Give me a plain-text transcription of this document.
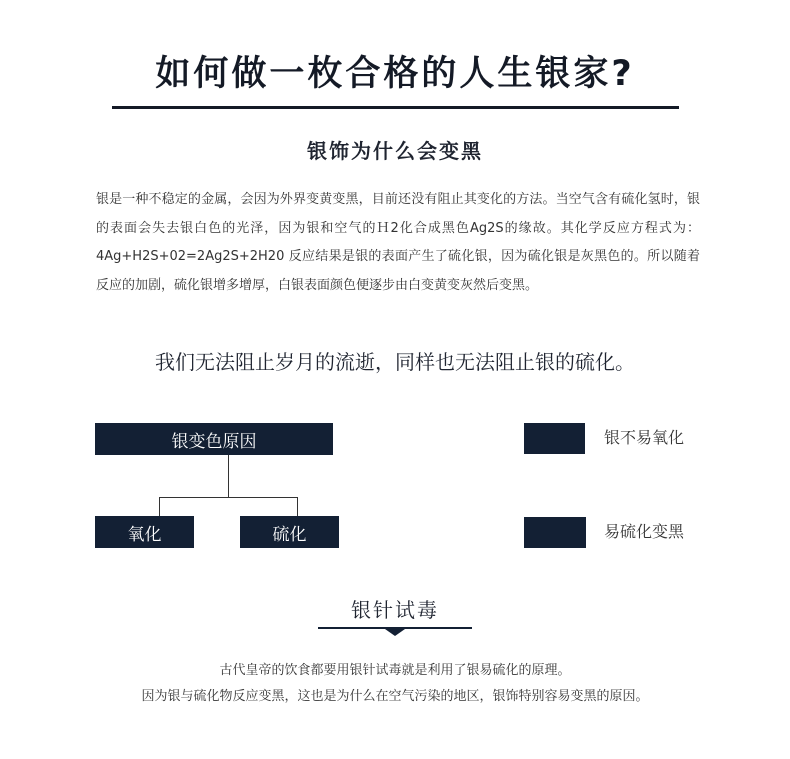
如何做一枚合格的人生银家?
银饰为什么会变黑

银是一种不稳定的金属，会因为外界变黄变黑，目前还没有阻止其变化的方法。当空气含有硫化氢时，银的表面会失去银白色的光泽，因为银和空气的Ｈ2化合成黑色Ag2S的缘故。其化学反应方程式为：4Ag+H2S+02=2Ag2S+2H20 反应结果是银的表面产生了硫化银，因为硫化银是灰黑色的。所以随着反应的加剧，硫化银增多增厚，白银表面颜色便逐步由白变黄变灰然后变黑。

我们无法阻止岁月的流逝，同样也无法阻止银的硫化。
银变色原因
氧化	硫化
银不易氧化
易硫化变黑
银针试毒
古代皇帝的饮食都要用银针试毒就是利用了银易硫化的原理。
因为银与硫化物反应变黑，这也是为什么在空气污染的地区，银饰特别容易变黑的原因。
